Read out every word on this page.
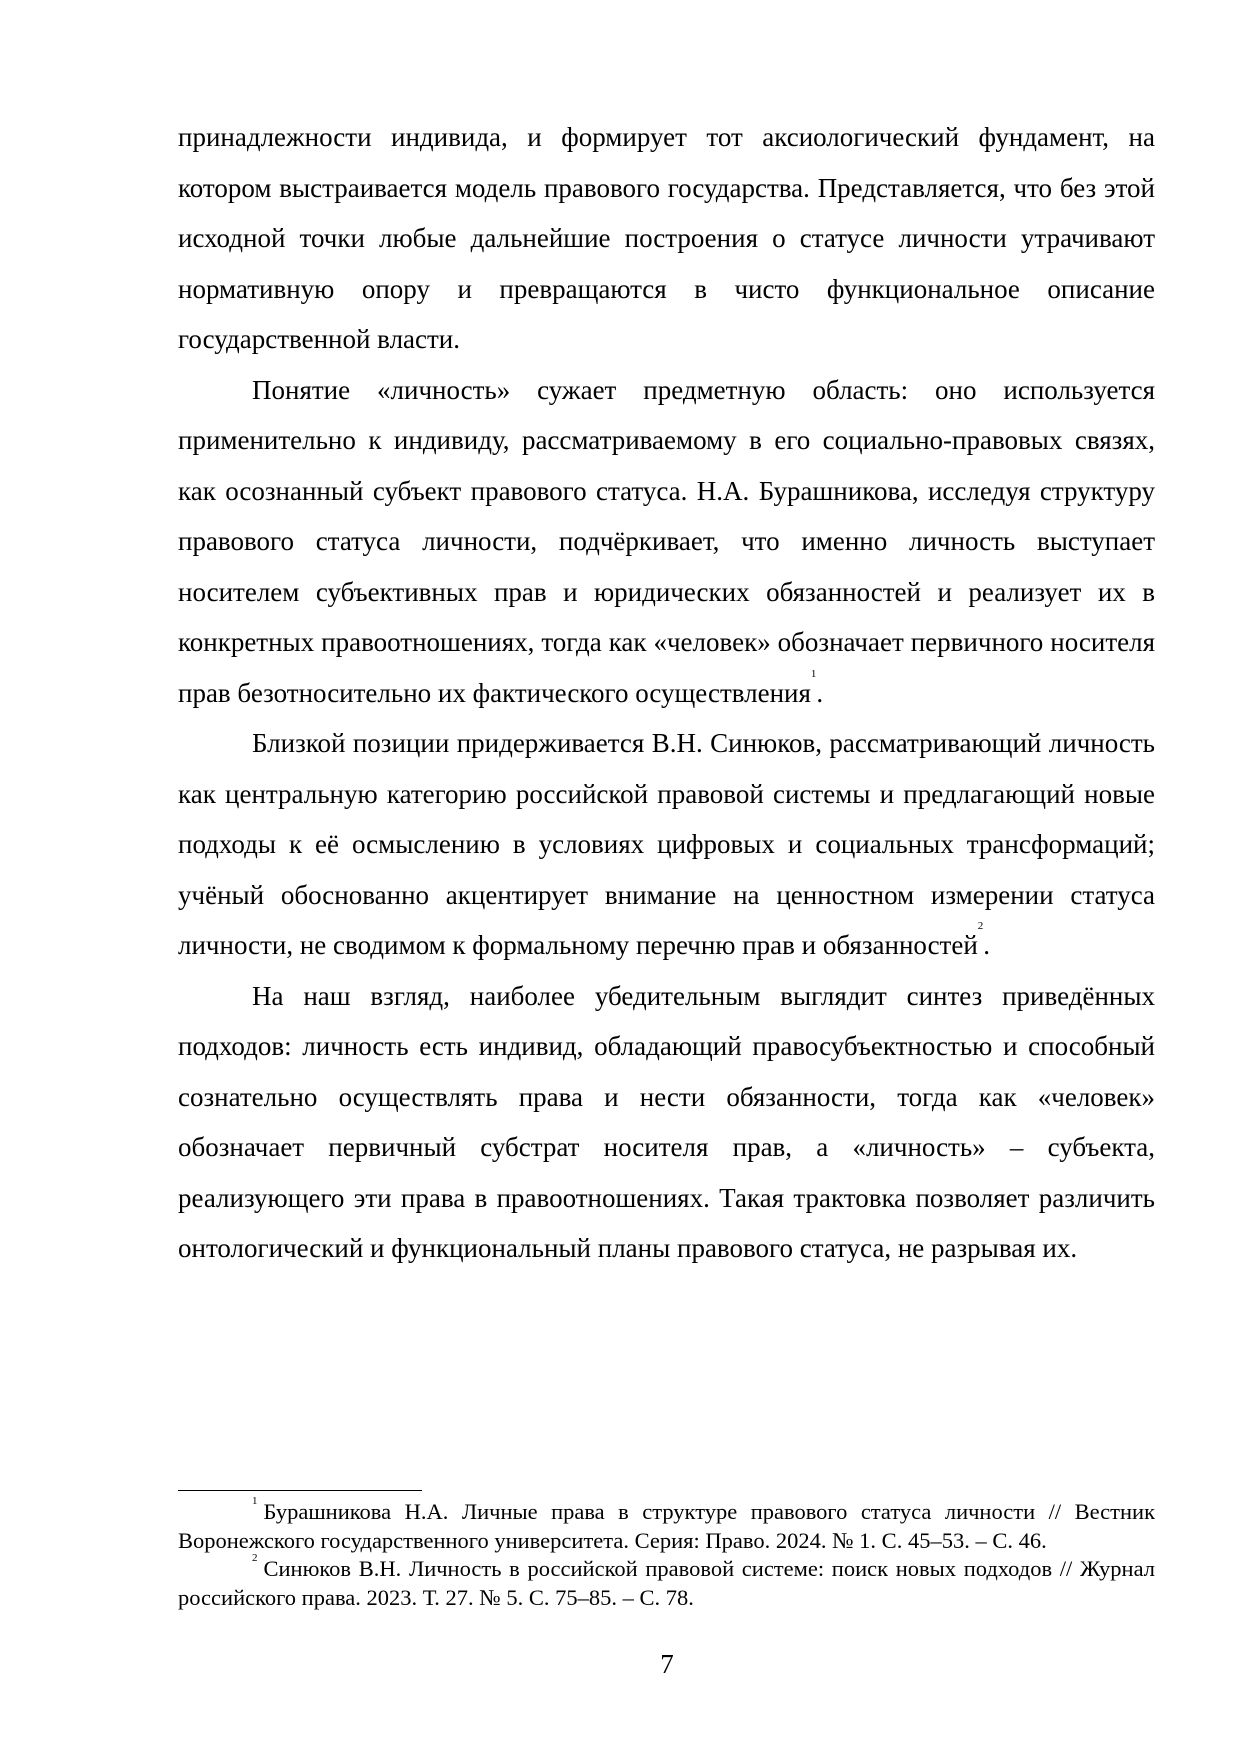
принадлежности индивида, и формирует тот аксиологический фундамент, на котором выстраивается модель правового государства. Представляется, что без этой исходной точки любые дальнейшие построения о статусе личности утрачивают нормативную опору и превращаются в чисто функциональное описание государственной власти.

Понятие «личность» сужает предметную область: оно используется применительно к индивиду, рассматриваемому в его социально-правовых связях, как осознанный субъект правового статуса. Н.А. Бурашникова, исследуя структуру правового статуса личности, подчёркивает, что именно личность выступает носителем субъективных прав и юридических обязанностей и реализует их в конкретных правоотношениях, тогда как «человек» обозначает первичного носителя прав безотносительно их фактического осуществления$^1$.

Близкой позиции придерживается В.Н. Синюков, рассматривающий личность как центральную категорию российской правовой системы и предлагающий новые подходы к её осмыслению в условиях цифровых и социальных трансформаций; учёный обоснованно акцентирует внимание на ценностном измерении статуса личности, не сводимом к формальному перечню прав и обязанностей$^2$.

На наш взгляд, наиболее убедительным выглядит синтез приведённых подходов: личность есть индивид, обладающий правосубъектностью и способный сознательно осуществлять права и нести обязанности, тогда как «человек» обозначает первичный субстрат носителя прав, а «личность» – субъекта, реализующего эти права в правоотношениях. Такая трактовка позволяет различить онтологический и функциональный планы правового статуса, не разрывая их.

$^1$ Бурашникова Н.А. Личные права в структуре правового статуса личности // Вестник Воронежского государственного университета. Серия: Право. 2024. № 1. С. 45–53. – С. 46.

$^2$ Синюков В.Н. Личность в российской правовой системе: поиск новых подходов // Журнал российского права. 2023. Т. 27. № 5. С. 75–85. – С. 78.

7
